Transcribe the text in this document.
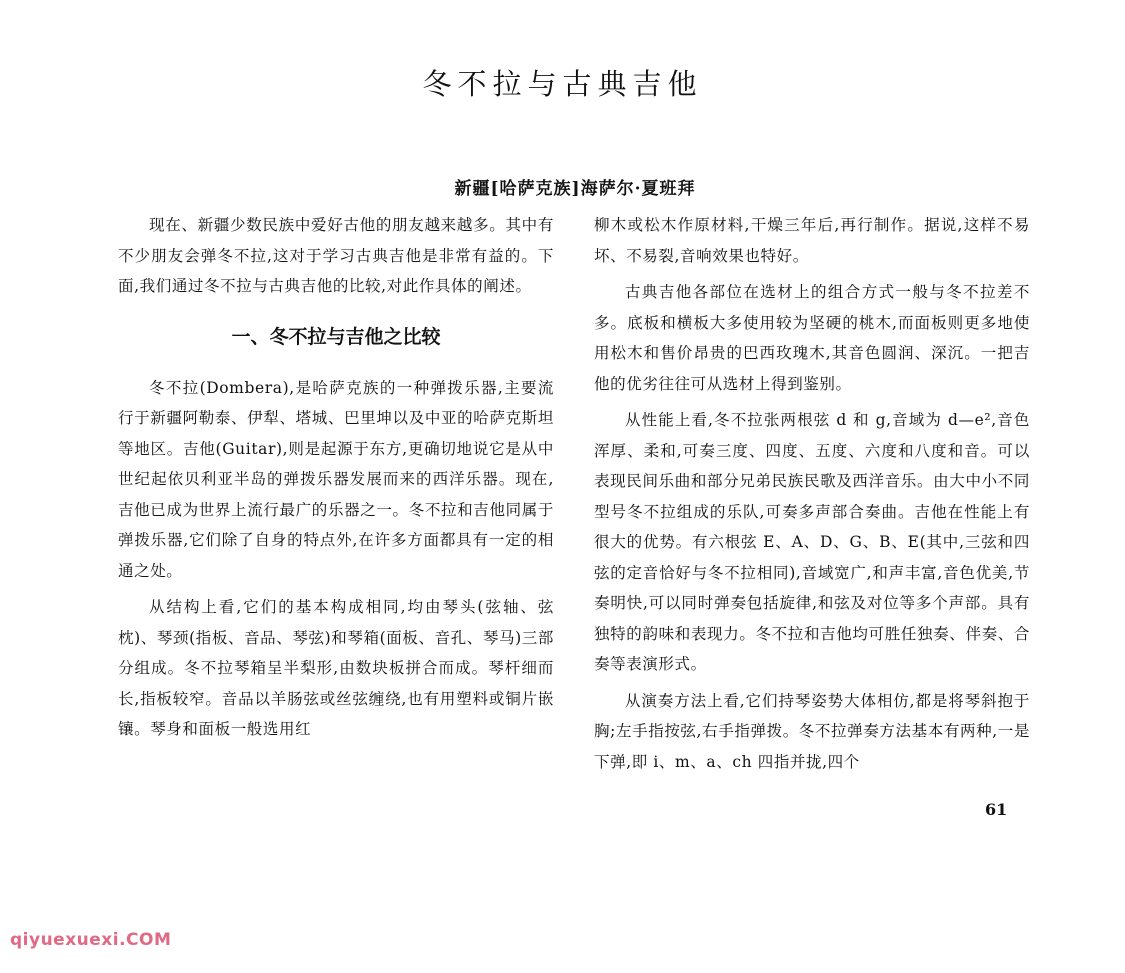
冬不拉与古典吉他
新疆[哈萨克族]海萨尔·夏班拜

现在、新疆少数民族中爱好古他的朋友越来越多。其中有不少朋友会弹冬不拉,这对于学习古典吉他是非常有益的。下面,我们通过冬不拉与古典吉他的比较,对此作具体的阐述。

一、冬不拉与吉他之比较

冬不拉(Dombera),是哈萨克族的一种弹拨乐器,主要流行于新疆阿勒泰、伊犁、塔城、巴里坤以及中亚的哈萨克斯坦等地区。吉他(Guitar),则是起源于东方,更确切地说它是从中世纪起依贝利亚半岛的弹拨乐器发展而来的西洋乐器。现在,吉他已成为世界上流行最广的乐器之一。冬不拉和吉他同属于弹拨乐器,它们除了自身的特点外,在许多方面都具有一定的相通之处。

从结构上看,它们的基本构成相同,均由琴头(弦轴、弦枕)、琴颈(指板、音品、琴弦)和琴箱(面板、音孔、琴马)三部分组成。冬不拉琴箱呈半梨形,由数块板拼合而成。琴杆细而长,指板较窄。音品以羊肠弦或丝弦缠绕,也有用塑料或铜片嵌镶。琴身和面板一般选用红

柳木或松木作原材料,干燥三年后,再行制作。据说,这样不易坏、不易裂,音响效果也特好。

古典吉他各部位在选材上的组合方式一般与冬不拉差不多。底板和横板大多使用较为坚硬的桃木,而面板则更多地使用松木和售价昂贵的巴西玫瑰木,其音色圆润、深沉。一把吉他的优劣往往可从选材上得到鉴别。

从性能上看,冬不拉张两根弦 d 和 g,音域为 d—e²,音色浑厚、柔和,可奏三度、四度、五度、六度和八度和音。可以表现民间乐曲和部分兄弟民族民歌及西洋音乐。由大中小不同型号冬不拉组成的乐队,可奏多声部合奏曲。吉他在性能上有很大的优势。有六根弦 E、A、D、G、B、E(其中,三弦和四弦的定音恰好与冬不拉相同),音域宽广,和声丰富,音色优美,节奏明快,可以同时弹奏包括旋律,和弦及对位等多个声部。具有独特的韵味和表现力。冬不拉和吉他均可胜任独奏、伴奏、合奏等表演形式。

从演奏方法上看,它们持琴姿势大体相仿,都是将琴斜抱于胸;左手指按弦,右手指弹拨。冬不拉弹奏方法基本有两种,一是下弹,即 i、m、a、ch 四指并拢,四个

61
qiyuexuexi.COM
